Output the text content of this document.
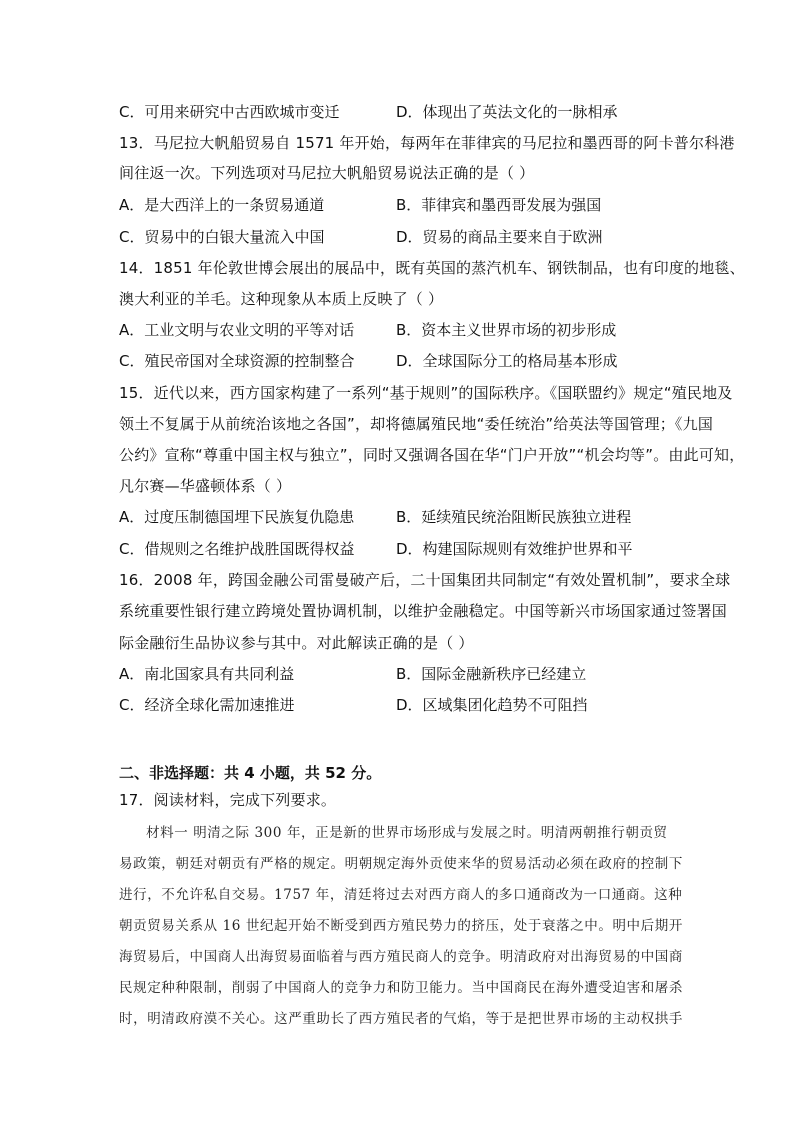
C．可用来研究中古西欧城市变迁	D．体现出了英法文化的一脉相承
13．马尼拉大帆船贸易自 1571 年开始，每两年在菲律宾的马尼拉和墨西哥的阿卡普尔科港
间往返一次。下列选项对马尼拉大帆船贸易说法正确的是（ ）
A．是大西洋上的一条贸易通道	B．菲律宾和墨西哥发展为强国
C．贸易中的白银大量流入中国	D．贸易的商品主要来自于欧洲
14．1851 年伦敦世博会展出的展品中，既有英国的蒸汽机车、钢铁制品，也有印度的地毯、
澳大利亚的羊毛。这种现象从本质上反映了（ ）
A．工业文明与农业文明的平等对话	B．资本主义世界市场的初步形成
C．殖民帝国对全球资源的控制整合	D．全球国际分工的格局基本形成
15．近代以来，西方国家构建了一系列“基于规则”的国际秩序。《国联盟约》规定“殖民地及
领土不复属于从前统治该地之各国”，却将德属殖民地“委任统治”给英法等国管理；《九国
公约》宣称“尊重中国主权与独立”，同时又强调各国在华“门户开放”“机会均等”。由此可知，
凡尔赛—华盛顿体系（ ）
A．过度压制德国埋下民族复仇隐患	B．延续殖民统治阻断民族独立进程
C．借规则之名维护战胜国既得权益	D．构建国际规则有效维护世界和平
16．2008 年，跨国金融公司雷曼破产后，二十国集团共同制定“有效处置机制”，要求全球
系统重要性银行建立跨境处置协调机制，以维护金融稳定。中国等新兴市场国家通过签署国
际金融衍生品协议参与其中。对此解读正确的是（ ）
A．南北国家具有共同利益	B．国际金融新秩序已经建立
C．经济全球化需加速推进	D．区域集团化趋势不可阻挡
二、非选择题：共 4 小题，共 52 分。
17．阅读材料，完成下列要求。
材料一 明清之际 300 年，正是新的世界市场形成与发展之时。明清两朝推行朝贡贸
易政策，朝廷对朝贡有严格的规定。明朝规定海外贡使来华的贸易活动必须在政府的控制下
进行，不允许私自交易。1757 年，清廷将过去对西方商人的多口通商改为一口通商。这种
朝贡贸易关系从 16 世纪起开始不断受到西方殖民势力的挤压，处于衰落之中。明中后期开
海贸易后，中国商人出海贸易面临着与西方殖民商人的竞争。明清政府对出海贸易的中国商
民规定种种限制，削弱了中国商人的竞争力和防卫能力。当中国商民在海外遭受迫害和屠杀
时，明清政府漠不关心。这严重助长了西方殖民者的气焰，等于是把世界市场的主动权拱手
